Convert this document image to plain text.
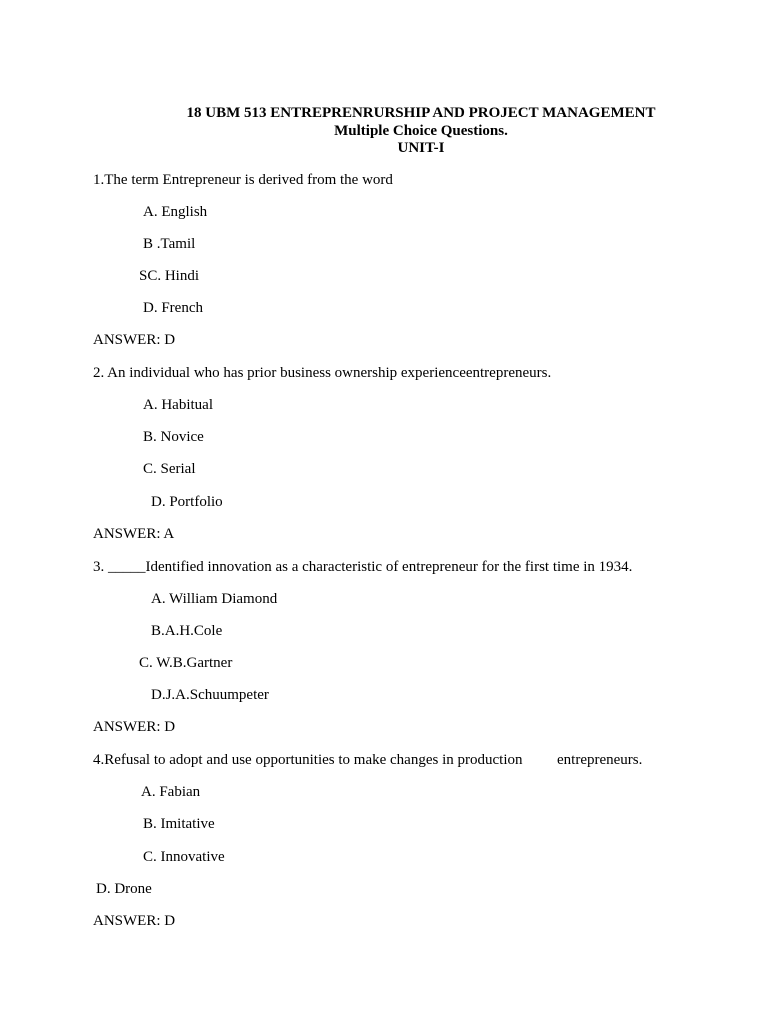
18 UBM 513 ENTREPRENRURSHIP AND PROJECT MANAGEMENT
Multiple Choice Questions.
UNIT-I
1.The term Entrepreneur is derived from the word
A. English
B .Tamil
SC. Hindi
D. French
ANSWER: D
2. An individual who has prior business ownership experienceentrepreneurs.
A. Habitual
B. Novice
C. Serial
D. Portfolio
ANSWER: A
3. _____Identified innovation as a characteristic of entrepreneur for the first time in 1934.
A. William Diamond
B.A.H.Cole
C. W.B.Gartner
D.J.A.Schuumpeter
ANSWER: D
4.Refusal to adopt and use opportunities to make changes in production entrepreneurs.
A. Fabian
B. Imitative
C. Innovative
D. Drone
ANSWER: D
